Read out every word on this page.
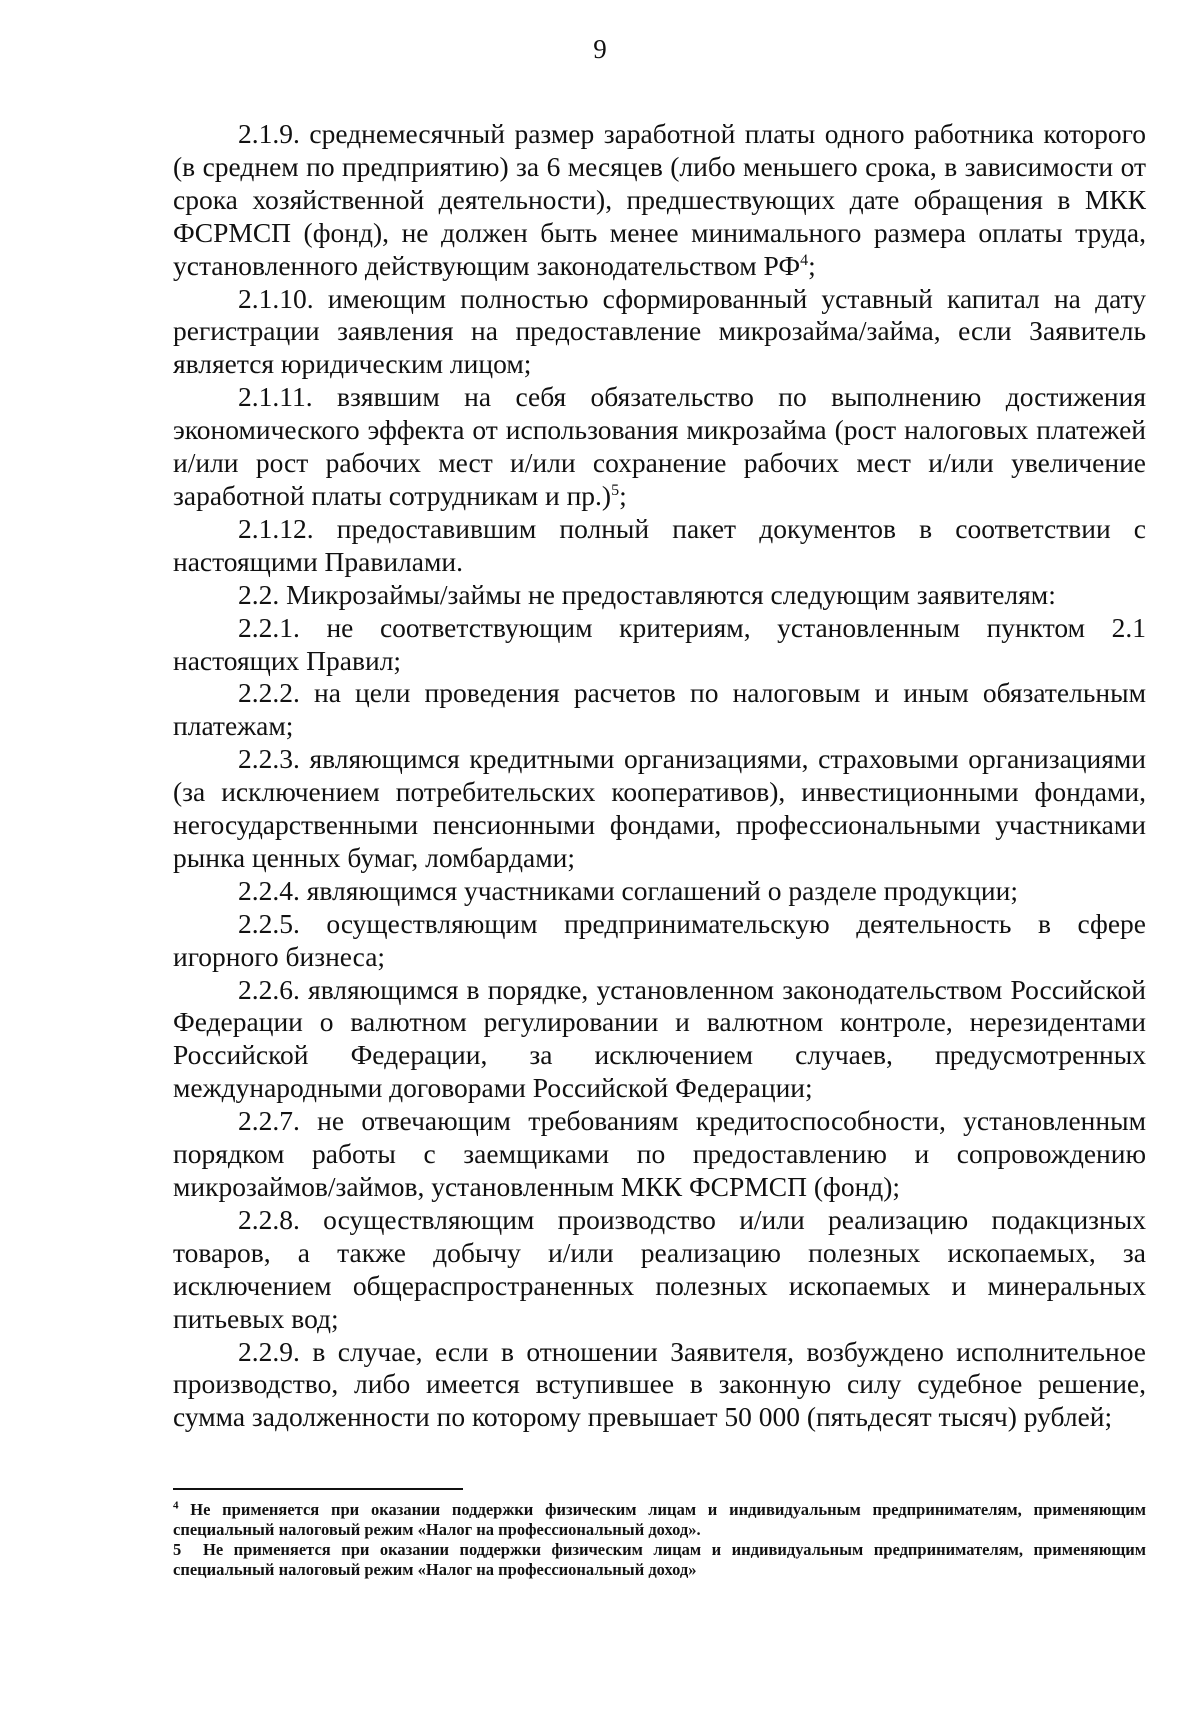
9

2.1.9. среднемесячный размер заработной платы одного работника которого (в среднем по предприятию) за 6 месяцев (либо меньшего срока, в зависимости от срока хозяйственной деятельности), предшествующих дате обращения в МКК ФСРМСП (фонд), не должен быть менее минимального размера оплаты труда, установленного действующим законодательством $РФ^4$;

2.1.10. имеющим полностью сформированный уставный капитал на дату регистрации заявления на предоставление микрозайма/займа, если Заявитель является юридическим лицом;

2.1.11. взявшим на себя обязательство по выполнению достижения экономического эффекта от использования микрозайма (рост налоговых платежей и/или рост рабочих мест и/или сохранение рабочих мест и/или увеличение заработной платы сотрудникам и пр.)$^5$;

2.1.12. предоставившим полный пакет документов в соответствии с настоящими Правилами.

2.2. Микрозаймы/займы не предоставляются следующим заявителям:

2.2.1. не соответствующим критериям, установленным пунктом 2.1 настоящих Правил;

2.2.2. на цели проведения расчетов по налоговым и иным обязательным платежам;

2.2.3. являющимся кредитными организациями, страховыми организациями (за исключением потребительских кооперативов), инвестиционными фондами, негосударственными пенсионными фондами, профессиональными участниками рынка ценных бумаг, ломбардами;

2.2.4. являющимся участниками соглашений о разделе продукции;

2.2.5. осуществляющим предпринимательскую деятельность в сфере игорного бизнеса;

2.2.6. являющимся в порядке, установленном законодательством Российской Федерации о валютном регулировании и валютном контроле, нерезидентами Российской Федерации, за исключением случаев, предусмотренных международными договорами Российской Федерации;

2.2.7. не отвечающим требованиям кредитоспособности, установленным порядком работы с заемщиками по предоставлению и сопровождению микрозаймов/займов, установленным МКК ФСРМСП (фонд);

2.2.8. осуществляющим производство и/или реализацию подакцизных товаров, а также добычу и/или реализацию полезных ископаемых, за исключением общераспространенных полезных ископаемых и минеральных питьевых вод;

2.2.9. в случае, если в отношении Заявителя, возбуждено исполнительное производство, либо имеется вступившее в законную силу судебное решение, сумма задолженности по которому превышает 50 000 (пятьдесят тысяч) рублей;

$^4$ Не применяется при оказании поддержки физическим лицам и индивидуальным предпринимателям, применяющим специальный налоговый режим «Налог на профессиональный доход».

5 Не применяется при оказании поддержки физическим лицам и индивидуальным предпринимателям, применяющим специальный налоговый режим «Налог на профессиональный доход»
